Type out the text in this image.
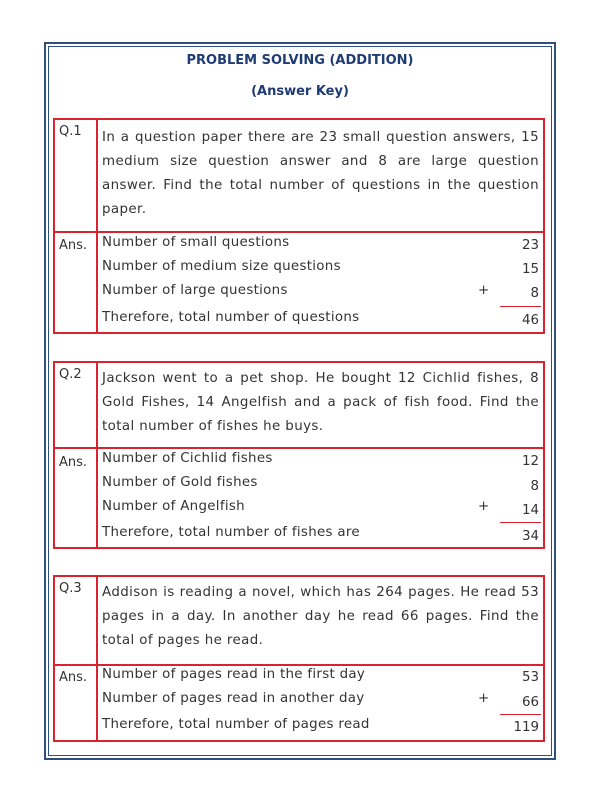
PROBLEM SOLVING (ADDITION)
(Answer Key)
Q.1 In a question paper there are 23 small question answers, 15 medium size question answer and 8 are large question answer. Find the total number of questions in the question paper.
Ans. Number of small questions	23
Number of medium size questions	15
Number of large questions	+	8
Therefore, total number of questions	46
Q.2 Jackson went to a pet shop. He bought 12 Cichlid fishes, 8 Gold Fishes, 14 Angelfish and a pack of fish food. Find the total number of fishes he buys.
Ans. Number of Cichlid fishes	12
Number of Gold fishes	8
Number of Angelfish	+ 14
Therefore, total number of fishes are	34
Q.3 Addison is reading a novel, which has 264 pages. He read 53 pages in a day. In another day he read 66 pages. Find the total of pages he read.
Ans. Number of pages read in the first day	53
Number of pages read in another day	+ 66
Therefore, total number of pages read	119
